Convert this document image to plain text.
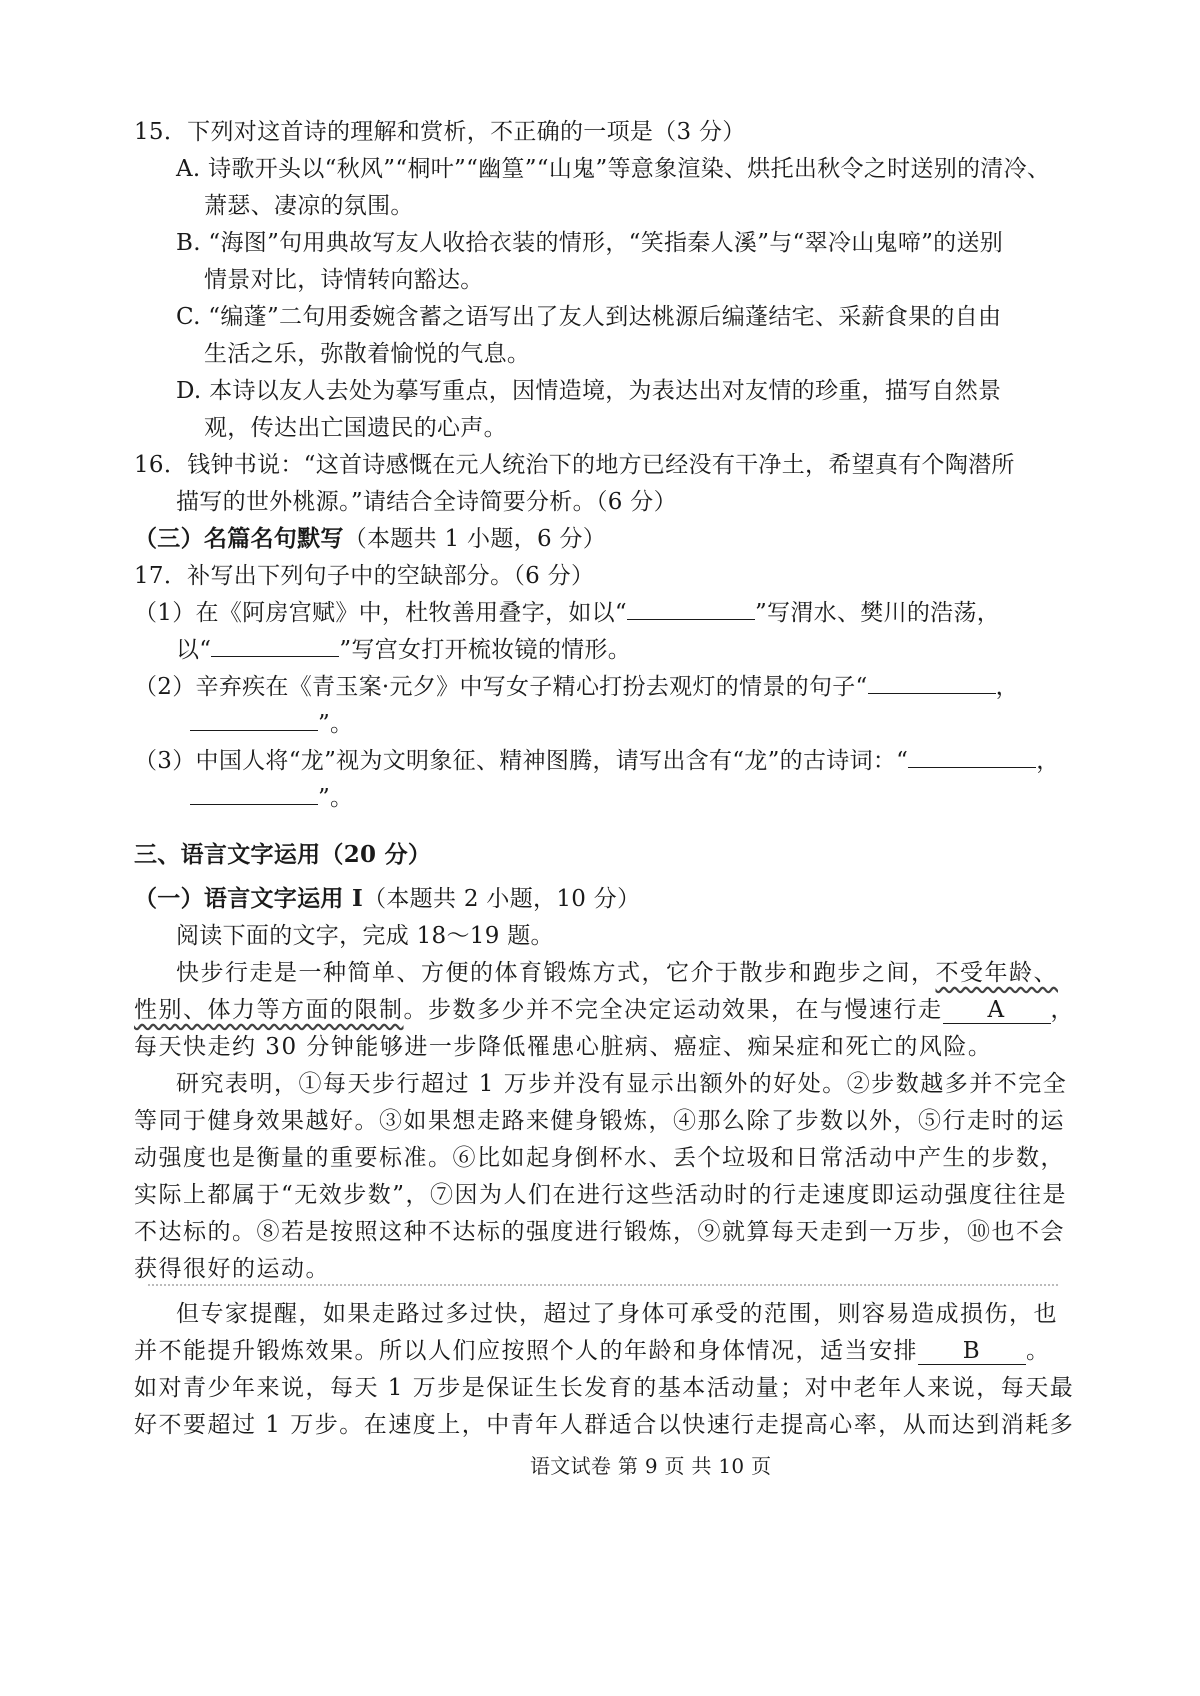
15．下列对这首诗的理解和赏析，不正确的一项是（3 分）
A. 诗歌开头以“秋风”“桐叶”“幽篁”“山鬼”等意象渲染、烘托出秋令之时送别的清冷、
萧瑟、凄凉的氛围。
B. “海图”句用典故写友人收拾衣装的情形，“笑指秦人溪”与“翠冷山鬼啼”的送别
情景对比，诗情转向豁达。
C. “编蓬”二句用委婉含蓄之语写出了友人到达桃源后编蓬结宅、采薪食果的自由
生活之乐，弥散着愉悦的气息。
D. 本诗以友人去处为摹写重点，因情造境，为表达出对友情的珍重，描写自然景
观，传达出亡国遗民的心声。
16．钱钟书说：“这首诗感慨在元人统治下的地方已经没有干净土，希望真有个陶潜所
描写的世外桃源。”请结合全诗简要分析。（6 分）
（三）名篇名句默写（本题共 1 小题，6 分）
17．补写出下列句子中的空缺部分。（6 分）
（1）在《阿房宫赋》中，杜牧善用叠字，如以“	”写渭水、樊川的浩荡，
以“	”写宫女打开梳妆镜的情形。
（2）辛弃疾在《青玉案·元夕》中写女子精心打扮去观灯的情景的句子“	，
”。
（3）中国人将“龙”视为文明象征、精神图腾，请写出含有“龙”的古诗词：“	，
”。
三、语言文字运用（20 分）
（一）语言文字运用 Ⅰ（本题共 2 小题，10 分）
阅读下面的文字，完成 18～19 题。
快步行走是一种简单、方便的体育锻炼方式，它介于散步和跑步之间，不受年龄、
性别、体力等方面的限制。步数多少并不完全决定运动效果，在与慢速行走 A ，
每天快走约 30 分钟能够进一步降低罹患心脏病、癌症、痴呆症和死亡的风险。
研究表明，①每天步行超过 1 万步并没有显示出额外的好处。②步数越多并不完全
等同于健身效果越好。③如果想走路来健身锻炼，④那么除了步数以外，⑤行走时的运
动强度也是衡量的重要标准。⑥比如起身倒杯水、丢个垃圾和日常活动中产生的步数，
实际上都属于“无效步数”，⑦因为人们在进行这些活动时的行走速度即运动强度往往是
不达标的。⑧若是按照这种不达标的强度进行锻炼，⑨就算每天走到一万步，⑩也不会
获得很好的运动。
但专家提醒，如果走路过多过快，超过了身体可承受的范围，则容易造成损伤，也
并不能提升锻炼效果。所以人们应按照个人的年龄和身体情况，适当安排 B 。
如对青少年来说，每天 1 万步是保证生长发育的基本活动量；对中老年人来说，每天最
好不要超过 1 万步。在速度上，中青年人群适合以快速行走提高心率，从而达到消耗多
语文试卷 第 9 页 共 10 页
